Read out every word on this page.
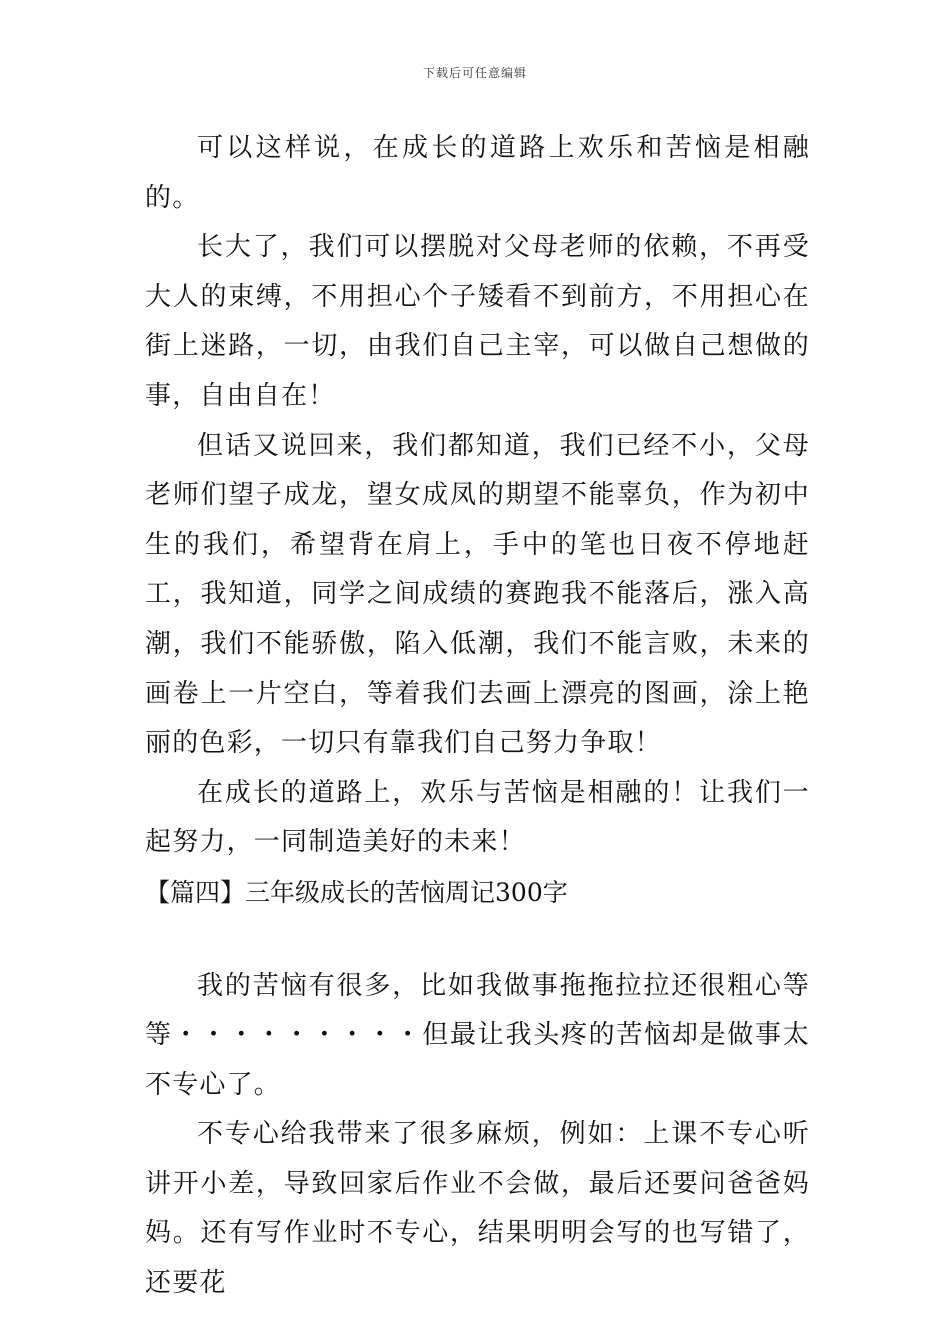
下载后可任意编辑

可以这样说，在成长的道路上欢乐和苦恼是相融的。

长大了，我们可以摆脱对父母老师的依赖，不再受大人的束缚，不用担心个子矮看不到前方，不用担心在街上迷路，一切，由我们自己主宰，可以做自己想做的事，自由自在！

但话又说回来，我们都知道，我们已经不小，父母老师们望子成龙，望女成凤的期望不能辜负，作为初中生的我们，希望背在肩上，手中的笔也日夜不停地赶工，我知道，同学之间成绩的赛跑我不能落后，涨入高 潮，我们不能骄傲，陷入低潮，我们不能言败，未来的画卷上一片空白，等着我们去画上漂亮的图画，涂上艳丽的色彩，一切只有靠我们自己努力争取！

在成长的道路上，欢乐与苦恼是相融的！让我们一起努力，一同制造美好的未来！

【篇四】三年级成长的苦恼周记300字

我的苦恼有很多，比如我做事拖拖拉拉还很粗心等等・・・・・・・・・但最让我头疼的苦恼却是做事太不专心了。

不专心给我带来了很多麻烦，例如：上课不专心听讲开小差，导致回家后作业不会做，最后还要问爸爸妈妈。还有写作业时不专心，结果明明会写的也写错了，还要花
